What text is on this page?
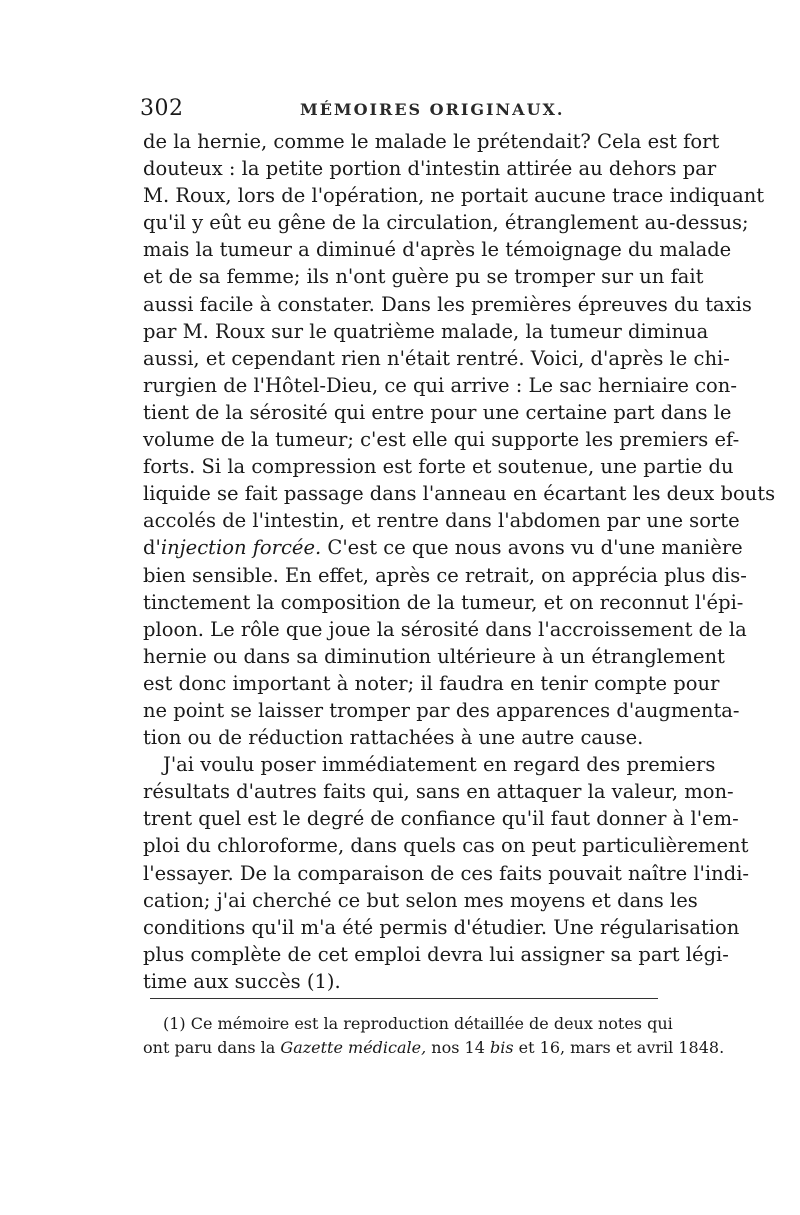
302	MÉMOIRES ORIGINAUX.
de la hernie, comme le malade le prétendait? Cela est fort
douteux : la petite portion d'intestin attirée au dehors par
M. Roux, lors de l'opération, ne portait aucune trace indiquant
qu'il y eût eu gêne de la circulation, étranglement au-dessus;
mais la tumeur a diminué d'après le témoignage du malade
et de sa femme; ils n'ont guère pu se tromper sur un fait
aussi facile à constater. Dans les premières épreuves du taxis
par M. Roux sur le quatrième malade, la tumeur diminua
aussi, et cependant rien n'était rentré. Voici, d'après le chi-
rurgien de l'Hôtel-Dieu, ce qui arrive : Le sac herniaire con-
tient de la sérosité qui entre pour une certaine part dans le
volume de la tumeur; c'est elle qui supporte les premiers ef-
forts. Si la compression est forte et soutenue, une partie du
liquide se fait passage dans l'anneau en écartant les deux bouts
accolés de l'intestin, et rentre dans l'abdomen par une sorte
d'injection forcée. C'est ce que nous avons vu d'une manière
bien sensible. En effet, après ce retrait, on apprécia plus dis-
tinctement la composition de la tumeur, et on reconnut l'épi-
ploon. Le rôle que joue la sérosité dans l'accroissement de la
hernie ou dans sa diminution ultérieure à un étranglement
est donc important à noter; il faudra en tenir compte pour
ne point se laisser tromper par des apparences d'augmenta-
tion ou de réduction rattachées à une autre cause.
J'ai voulu poser immédiatement en regard des premiers
résultats d'autres faits qui, sans en attaquer la valeur, mon-
trent quel est le degré de confiance qu'il faut donner à l'em-
ploi du chloroforme, dans quels cas on peut particulièrement
l'essayer. De la comparaison de ces faits pouvait naître l'indi-
cation; j'ai cherché ce but selon mes moyens et dans les
conditions qu'il m'a été permis d'étudier. Une régularisation
plus complète de cet emploi devra lui assigner sa part légi-
time aux succès (1).
(1) Ce mémoire est la reproduction détaillée de deux notes qui
ont paru dans la Gazette médicale, nos 14 bis et 16, mars et avril 1848.
